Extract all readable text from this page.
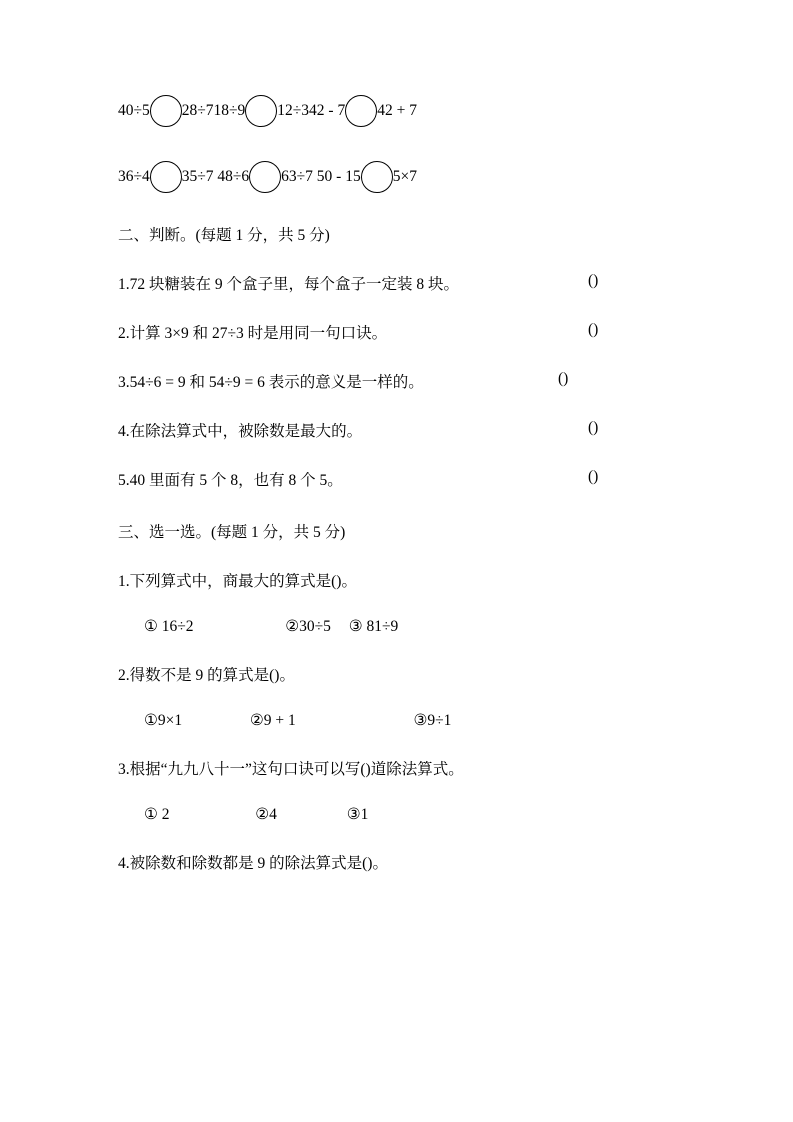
40÷5 28÷718÷9 12÷342 - 7 42 + 7
36÷4 35÷7 48÷6 63÷7 50 - 15 5×7
二、判断。(每题 1 分，共 5 分)
1.72 块糖装在 9 个盒子里，每个盒子一定装 8 块。	()
2.计算 3×9 和 27÷3 时是用同一句口诀。	()
3.54÷6 = 9 和 54÷9 = 6 表示的意义是一样的。	()
4.在除法算式中，被除数是最大的。	()
5.40 里面有 5 个 8，也有 8 个 5。	()
三、选一选。(每题 1 分，共 5 分)
1.下列算式中，商最大的算式是()。
① 16÷2	②30÷5 ③ 81÷9
2.得数不是 9 的算式是()。
①9×1	②9 + 1	③9÷1
3.根据“九九八十一”这句口诀可以写()道除法算式。
① 2	②4	③1
4.被除数和除数都是 9 的除法算式是()。
